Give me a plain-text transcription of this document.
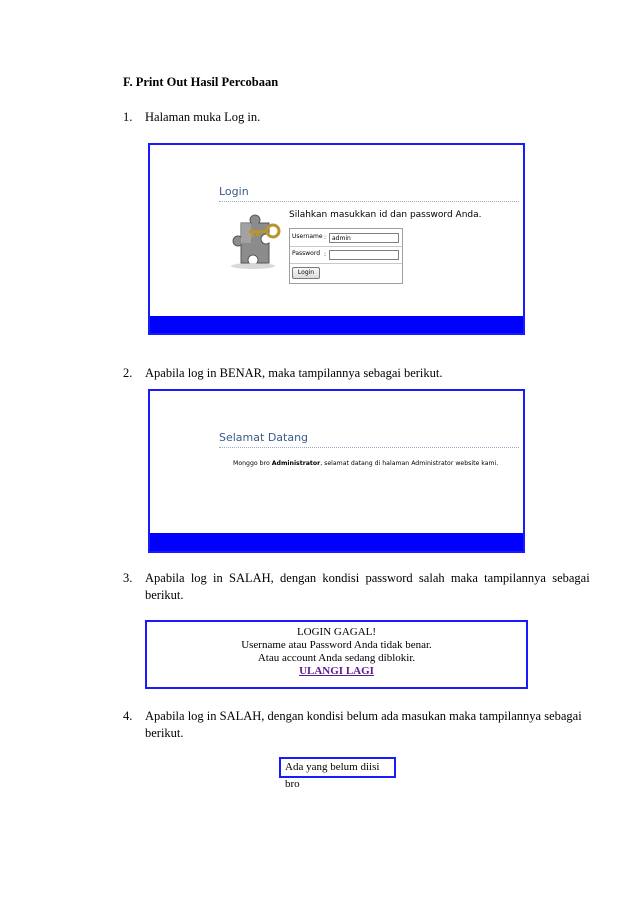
F. Print Out Hasil Percobaan
1. Halaman muka Log in.
Login
Silahkan masukkan id dan password Anda.
Username : admin
Password :
Login
2. Apabila log in BENAR, maka tampilannya sebagai berikut.
Selamat Datang
Monggo bro Administrator, selamat datang di halaman Administrator website kami.
3. Apabila  log  in  SALAH,  dengan  kondisi  password  salah  maka  tampilannya  sebagai
berikut.
LOGIN GAGAL!
Username atau Password Anda tidak benar.
Atau account Anda sedang diblokir.
ULANGI LAGI
4. Apabila log in SALAH, dengan kondisi belum ada masukan maka tampilannya sebagai
berikut.
Ada yang belum diisi bro
